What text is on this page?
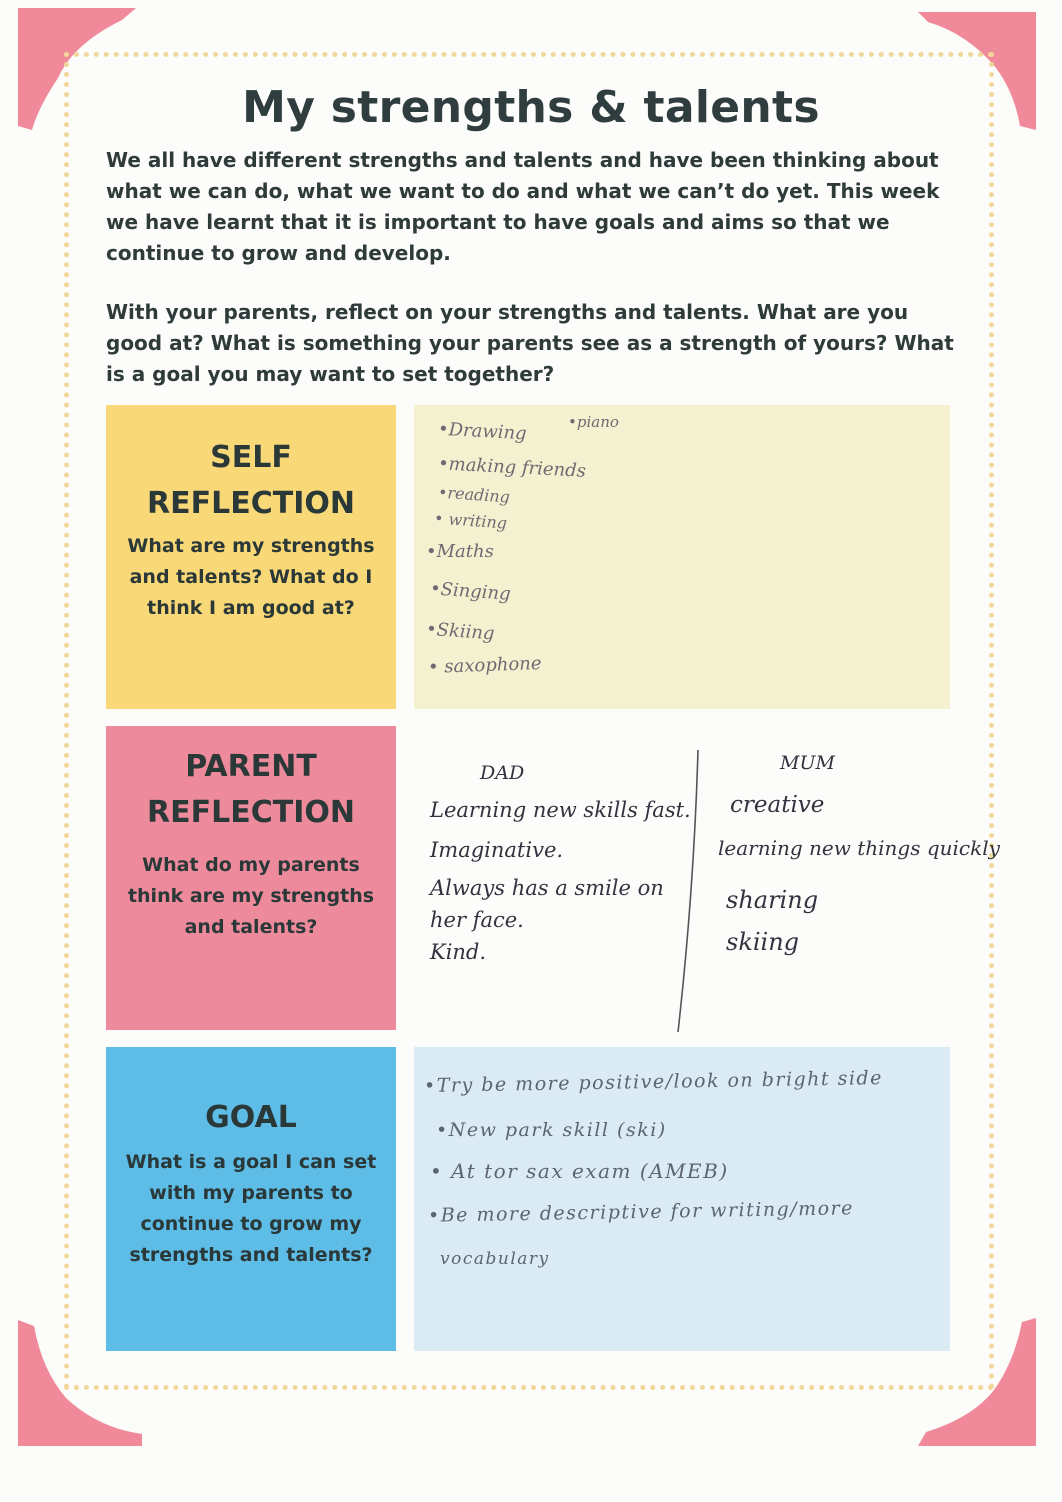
My strengths & talents

We all have different strengths and talents and have been thinking about what we can do, what we want to do and what we can’t do yet. This week we have learnt that it is important to have goals and aims so that we continue to grow and develop.

With your parents, reflect on your strengths and talents. What are you good at? What is something your parents see as a strength of yours? What is a goal you may want to set together?

SELF

REFLECTION

What are my strengths and talents? What do I think I am good at?

•Drawing	•piano
•making friends
•reading
• writing
•Maths
•Singing
•Skiing
• saxophone

PARENT

REFLECTION

What do my parents think are my strengths and talents?

DAD
Learning new skills fast.
Imaginative.
Always has a smile on
her face.
Kind.
MUM
creative
learning new things quickly
sharing
skiing

GOAL

What is a goal I can set with my parents to continue to grow my strengths and talents?

•Try be more positive/look on bright side
•New park skill (ski)
• At tor sax exam (AMEB)
•Be more descriptive for writing/more
vocabulary
